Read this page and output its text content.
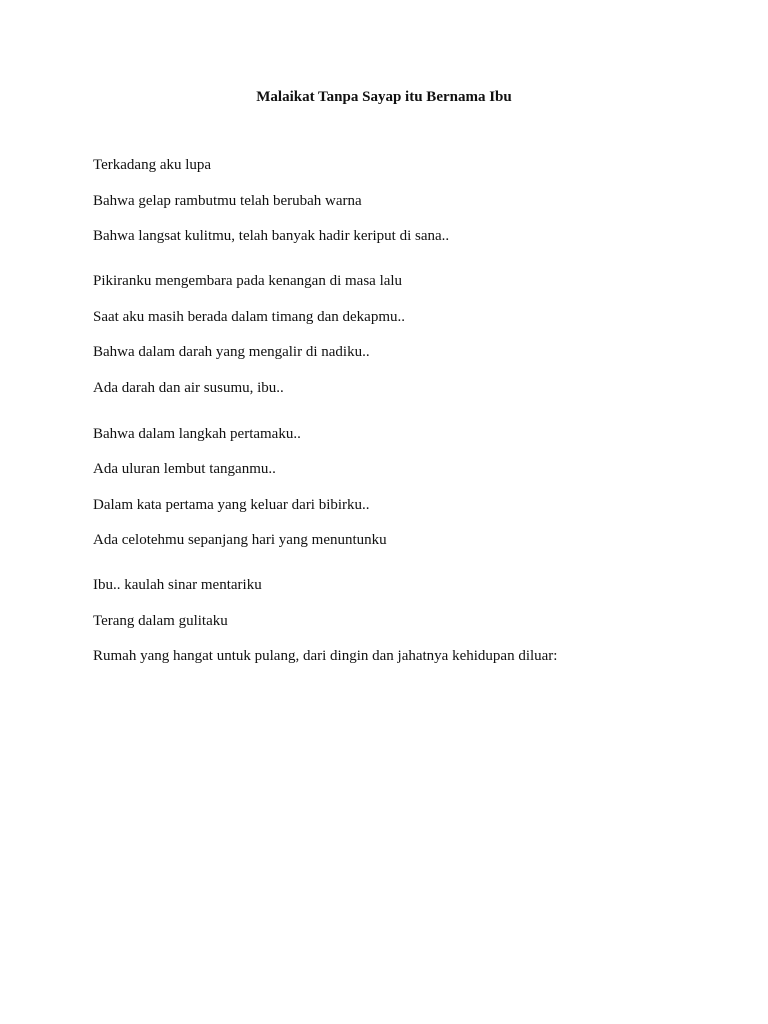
Malaikat Tanpa Sayap itu Bernama Ibu
Terkadang aku lupa
Bahwa gelap rambutmu telah berubah warna
Bahwa langsat kulitmu, telah banyak hadir keriput di sana..
Pikiranku mengembara pada kenangan di masa lalu
Saat aku masih berada dalam timang dan dekapmu..
Bahwa dalam darah yang mengalir di nadiku..
Ada darah dan air susumu, ibu..
Bahwa dalam langkah pertamaku..
Ada uluran lembut tanganmu..
Dalam kata pertama yang keluar dari bibirku..
Ada celotehmu sepanjang hari yang menuntunku
Ibu.. kaulah sinar mentariku
Terang dalam gulitaku
Rumah yang hangat untuk pulang, dari dingin dan jahatnya kehidupan diluar:
